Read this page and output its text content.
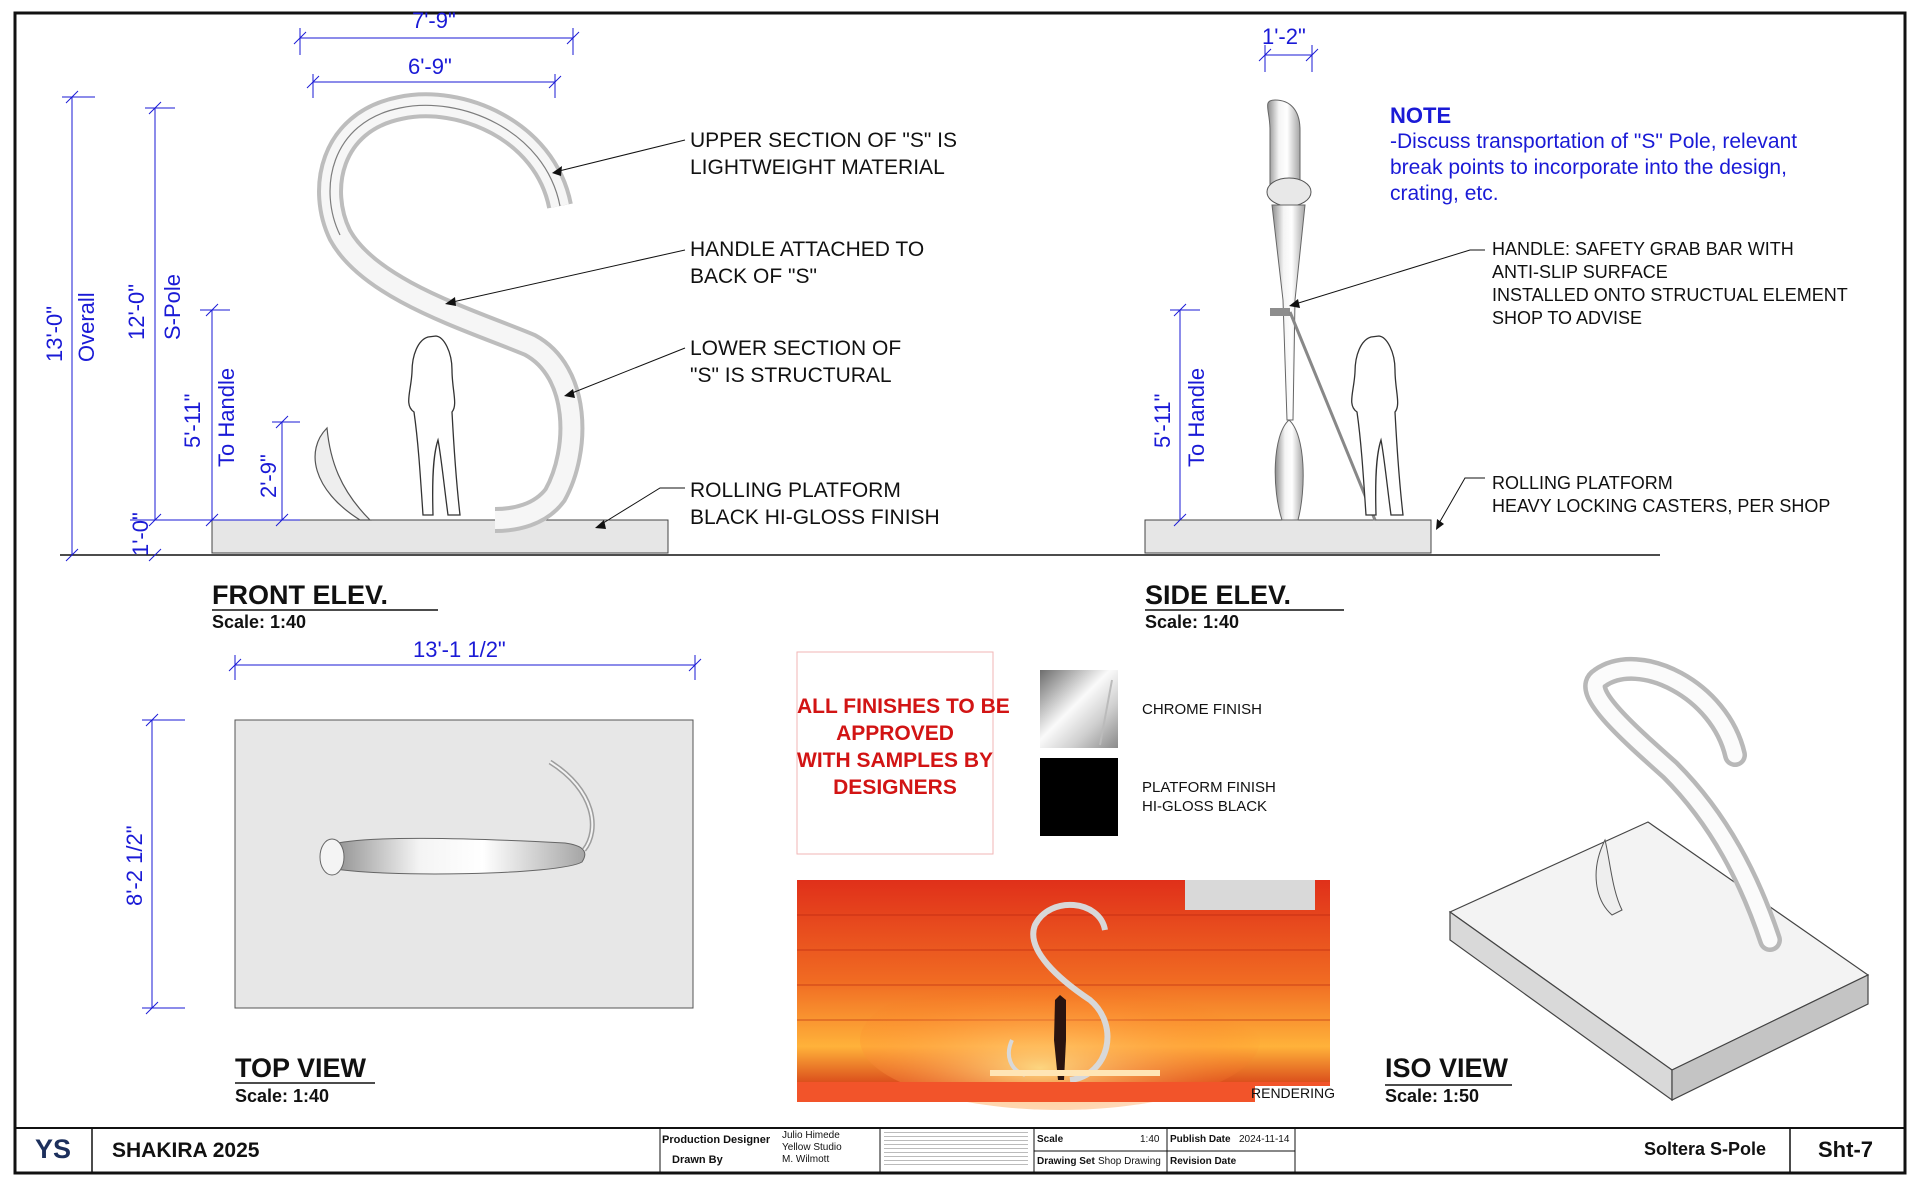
7'-9"
6'-9"
13'-0" Overall 12'-0" S-Pole
5'-11" To Handle
2'-9"
1'-0"
UPPER SECTION OF "S" IS
LIGHTWEIGHT MATERIAL
HANDLE ATTACHED TO
BACK OF "S"
LOWER SECTION OF
"S" IS STRUCTURAL
ROLLING PLATFORM
BLACK HI-GLOSS FINISH
FRONT ELEV.
Scale: 1:40
1'-2"
5'-11" To Handle
HANDLE: SAFETY GRAB BAR WITH
ANTI-SLIP SURFACE
INSTALLED ONTO STRUCTUAL ELEMENT
SHOP TO ADVISE
ROLLING PLATFORM
HEAVY LOCKING CASTERS, PER SHOP
SIDE ELEV.
Scale: 1:40
NOTE
-Discuss transportation of "S" Pole, relevant
break points to incorporate into the design,
crating, etc.
13'-1 1/2"
8'-2 1/2"
TOP VIEW
Scale: 1:40
ALL FINISHES TO BE
APPROVED
WITH SAMPLES BY
DESIGNERS
CHROME FINISH
PLATFORM FINISH
HI-GLOSS BLACK
RENDERING
ISO VIEW
Scale: 1:50
YS SHAKIRA 2025	Production Designer Julio Himede
Yellow Studio
Drawn By	M. Wilmott
Scale	1:40
Drawing Set Shop Drawing
Publish Date 2024-11-14
Revision Date
Soltera S-Pole Sht-7
